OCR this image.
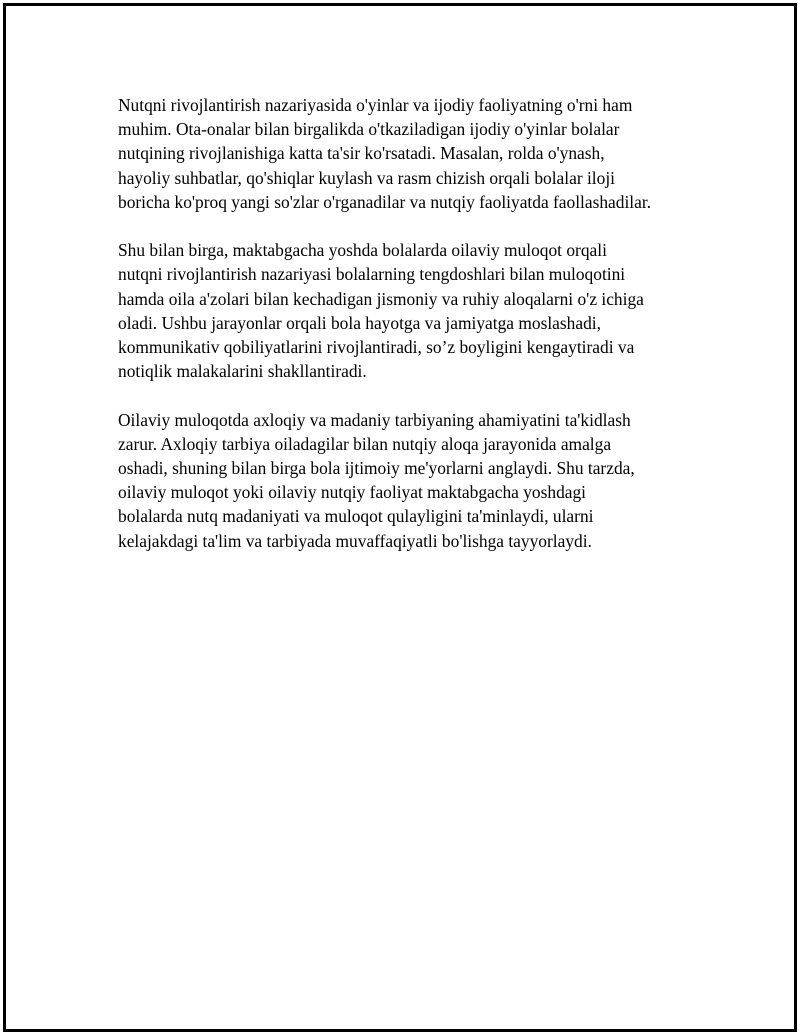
Nutqni rivojlantirish nazariyasida o'yinlar va ijodiy faoliyatning o'rni ham
muhim. Ota-onalar bilan birgalikda o'tkaziladigan ijodiy o'yinlar bolalar
nutqining rivojlanishiga katta ta'sir ko'rsatadi. Masalan, rolda o'ynash,
hayoliy suhbatlar, qo'shiqlar kuylash va rasm chizish orqali bolalar iloji
boricha ko'proq yangi so'zlar o'rganadilar va nutqiy faoliyatda faollashadilar.

Shu bilan birga, maktabgacha yoshda bolalarda oilaviy muloqot orqali
nutqni rivojlantirish nazariyasi bolalarning tengdoshlari bilan muloqotini
hamda oila a'zolari bilan kechadigan jismoniy va ruhiy aloqalarni o'z ichiga
oladi. Ushbu jarayonlar orqali bola hayotga va jamiyatga moslashadi,
kommunikativ qobiliyatlarini rivojlantiradi, so’z boyligini kengaytiradi va
notiqlik malakalarini shakllantiradi.

Oilaviy muloqotda axloqiy va madaniy tarbiyaning ahamiyatini ta'kidlash
zarur. Axloqiy tarbiya oiladagilar bilan nutqiy aloqa jarayonida amalga
oshadi, shuning bilan birga bola ijtimoiy me'yorlarni anglaydi. Shu tarzda,
oilaviy muloqot yoki oilaviy nutqiy faoliyat maktabgacha yoshdagi
bolalarda nutq madaniyati va muloqot qulayligini ta'minlaydi, ularni
kelajakdagi ta'lim va tarbiyada muvaffaqiyatli bo'lishga tayyorlaydi.
